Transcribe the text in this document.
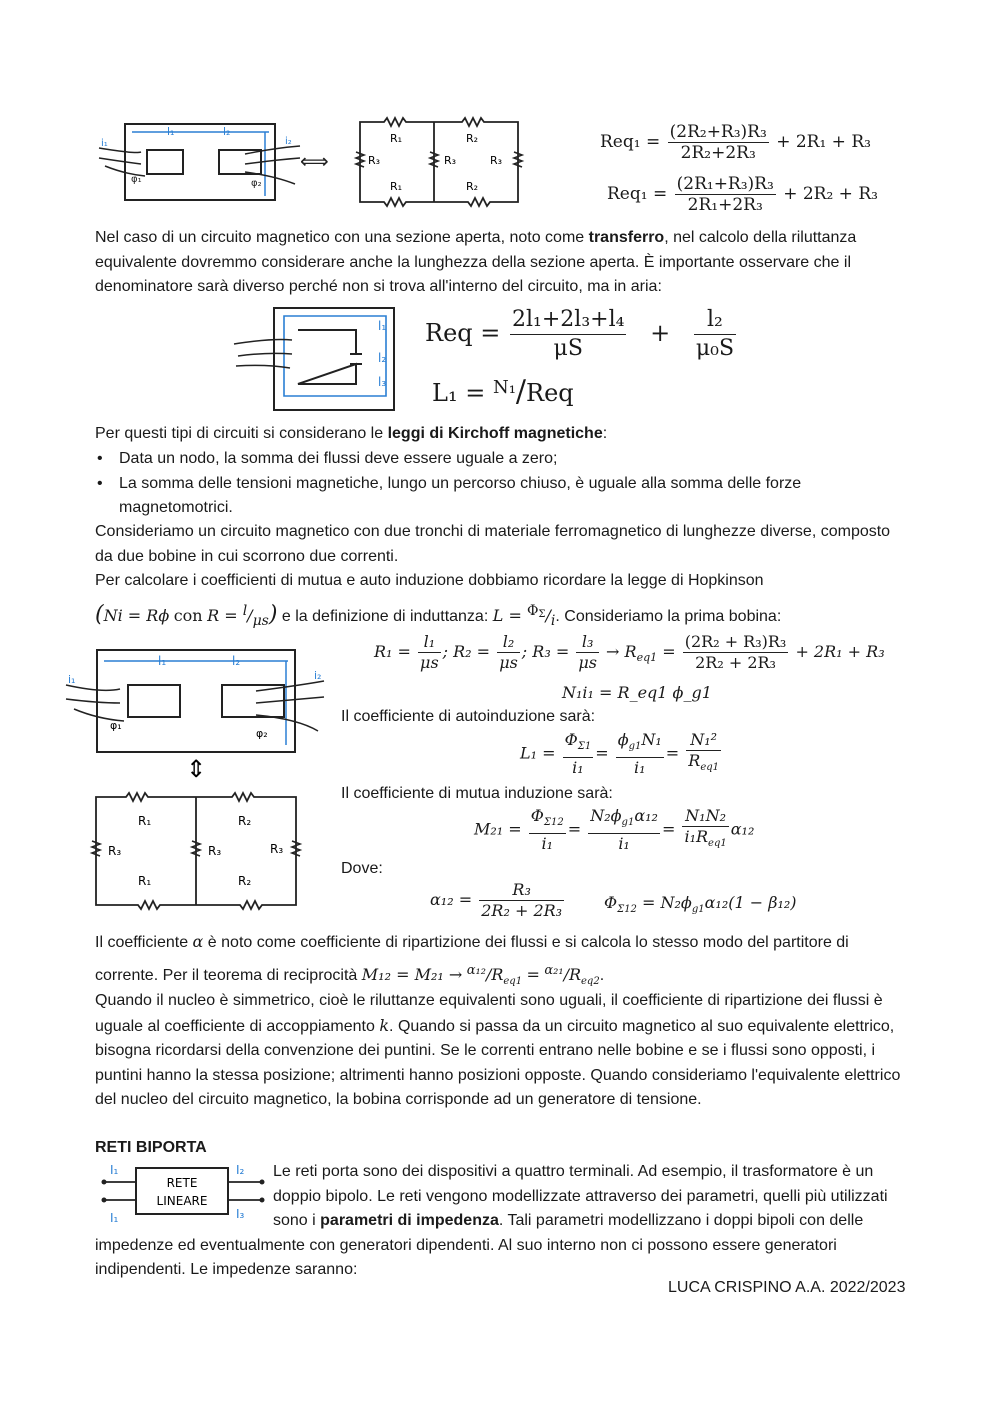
l₁	l₂
i₁	i₂
φ₁	φ₂
⟺
R₁	R₂
R₃	R₃	R₃
R₁	R₂
$Req_1 = \frac{\text{(2R₂+R₃)R₃}}{\text{2R₂+2R₃}} + 2R_1 + R_3$
$Req_1 = \frac{\text{(2R₁+R₃)R₃}}{\text{2R₁+2R₃}} + 2R_2 + R_3$

Nel caso di un circuito magnetico con una sezione aperta, noto come transferro, nel calcolo della riluttanza equivalente dovremmo considerare anche la lunghezza della sezione aperta. È importante osservare che il denominatore sarà diverso perché non si trova all'interno del circuito, ma in aria:

l₁
l₂
l₃
Req = $\frac{\text{2l₁+2l₃+l₄}}{\mu S} + \frac{\text{l₂}}{\text{μ₀S}}$
L₁ = $^{N_1}$/Req

Per questi tipi di circuiti si considerano le leggi di Kirchoff magnetiche:

• Data un nodo, la somma dei flussi deve essere uguale a zero;
• La somma delle tensioni magnetiche, lungo un percorso chiuso, è uguale alla somma delle forze magnetomotrici.

Consideriamo un circuito magnetico con due tronchi di materiale ferromagnetico di lunghezze diverse, composto da due bobine in cui scorrono due correnti.

Per calcolare i coefficienti di mutua e auto induzione dobbiamo ricordare la legge di Hopkinson

(Ni = Rϕ con R = l/μs) e la definizione di induttanza: $L = \Phi^\Sigma/i$. Consideriamo la prima bobina:

l₁	l₂
i₁	i₂
φ₁
φ₂
⇕
R₁	R₂
R₃	R₃	R₃
R₁	R₂
$R_1 = \frac{\text{l₁}}{\mu s}$ ; $R_2 = \frac{\text{l₂}}{\mu s}$ ; $R_3 = \frac{\text{l₃}}{\mu s} \to R_{eq1} = \frac{\text{(2R₂ + R₃)R₃}}{\text{2R₂ + 2R₃}} + 2R_1 + R_3$
N₁i₁ = R_eq1 ϕ_g1

Il coefficiente di autoinduzione sarà:

$L_1 = \frac{\Phi_{\Sigma 1}}{\text{i₁}} = \frac{\phi_{g1}N_1}{\text{i₁}} = \frac{\text{N₁²}}{R_{eq1}}$

Il coefficiente di mutua induzione sarà:

$M_{21} = \frac{\Phi_{\Sigma 12}}{\text{i₁}} = \frac{N_2\phi_{g1}\alpha_{12}}{\text{i₁}} = \frac{\text{N₁N₂}}{i_1R_{eq1}} \alpha_{12}$

Dove:

$\alpha_{12} = \frac{\text{R₃}}{\text{2R₂ + 2R₃}} \Phi_{\Sigma 12} = N_2\phi_{g1}\alpha_{12}(1 - \beta_{12})$

Il coefficiente α è noto come coefficiente di ripartizione dei flussi e si calcola lo stesso modo del partitore di corrente. Per il teorema di reciprocità $M_{12} = M_{21} \to ^{\alpha_{12}}/R_{eq1} = ^{\alpha_{21}}/R_{eq2}$.

Quando il nucleo è simmetrico, cioè le riluttanze equivalenti sono uguali, il coefficiente di ripartizione dei flussi è uguale al coefficiente di accoppiamento k. Quando si passa da un circuito magnetico al suo equivalente elettrico, bisogna ricordarsi della convenzione dei puntini. Se le correnti entrano nelle bobine e se i flussi sono opposti, i puntini hanno la stessa posizione; altrimenti hanno posizioni opposte. Quando consideriamo l'equivalente elettrico del nucleo del circuito magnetico, la bobina corrisponde ad un generatore di tensione.

RETI BIPORTA

RETE
LINEARE
I₁	I₂
I₁	I₃

Le reti porta sono dei dispositivi a quattro terminali. Ad esempio, il trasformatore è un doppio bipolo. Le reti vengono modellizzate attraverso dei parametri, quelli più utilizzati sono i parametri di impedenza. Tali parametri modellizzano i doppi bipoli con delle impedenze ed eventualmente con generatori dipendenti. Al suo interno non ci possono essere generatori indipendenti. Le impedenze saranno:

LUCA CRISPINO A.A. 2022/2023
